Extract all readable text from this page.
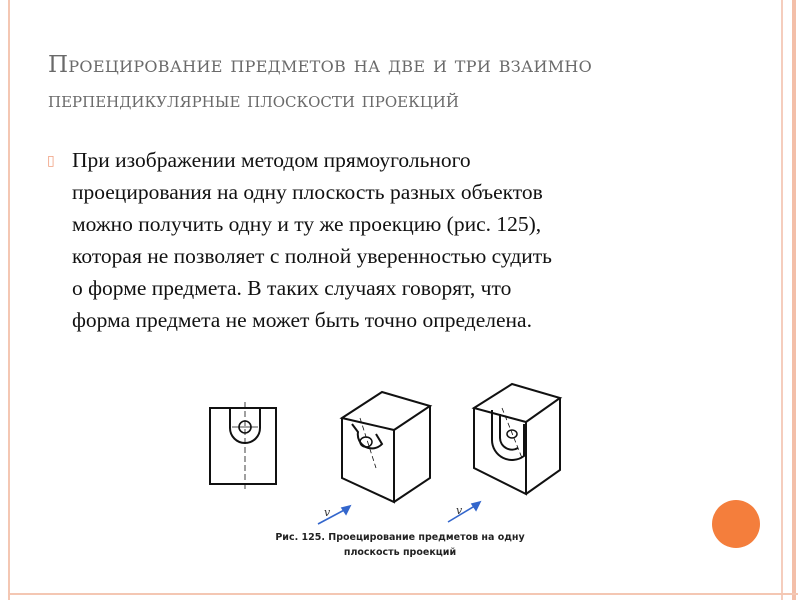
Проецирование предметов на две и три взаимно
перпендикулярные плоскости проекций
▯ При изображении методом прямоугольного
проецирования на одну плоскость разных объектов
можно получить одну и ту же проекцию (рис. 125),
которая не позволяет с полной уверенностью судить
о форме предмета. В таких случаях говорят, что
форма предмета не может быть точно определена.
v	v
Рис. 125. Проецирование предметов на одну
плоскость проекций
